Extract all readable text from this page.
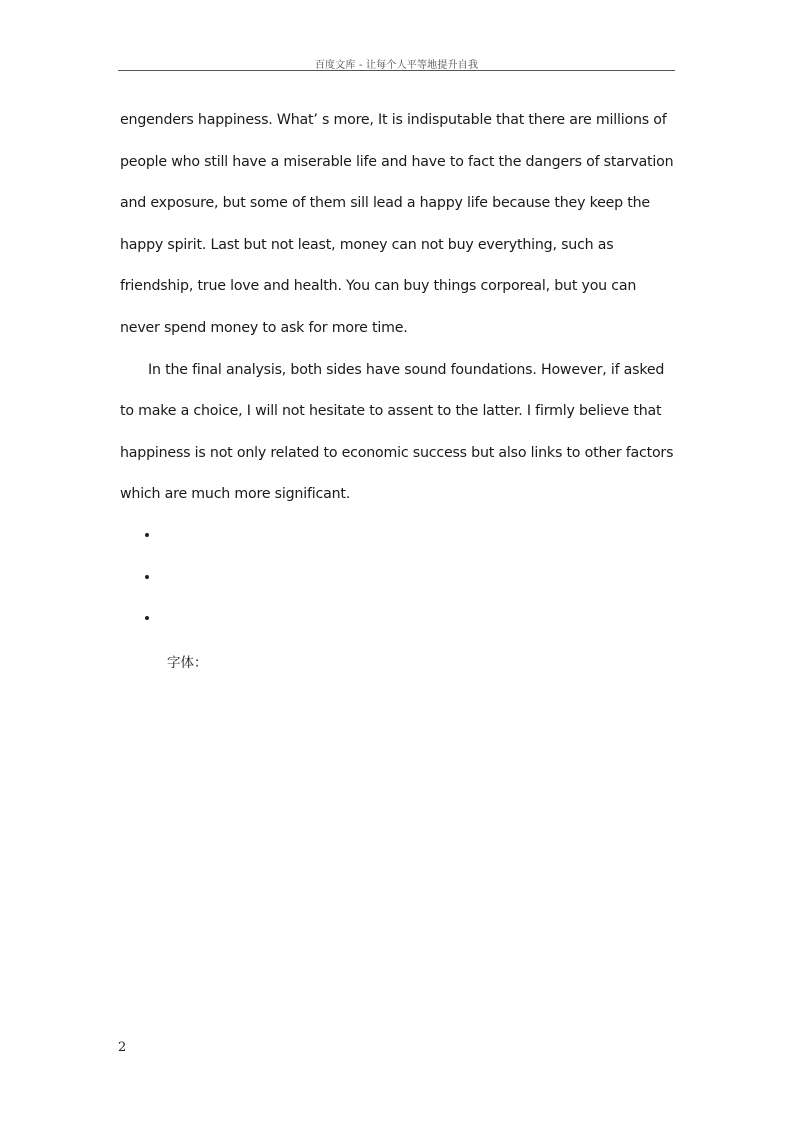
百度文库 - 让每个人平等地提升自我

engenders happiness. What’ s more, It is indisputable that there are millions of people who still have a miserable life and have to fact the dangers of starvation and exposure, but some of them sill lead a happy life because they keep the happy spirit. Last but not least, money can not buy everything, such as friendship, true love and health. You can buy things corporeal, but you can never spend money to ask for more time.

In the final analysis, both sides have sound foundations. However, if asked to make a choice, I will not hesitate to assent to the latter. I firmly believe that happiness is not only related to economic success but also links to other factors which are much more significant.

字体：
2
